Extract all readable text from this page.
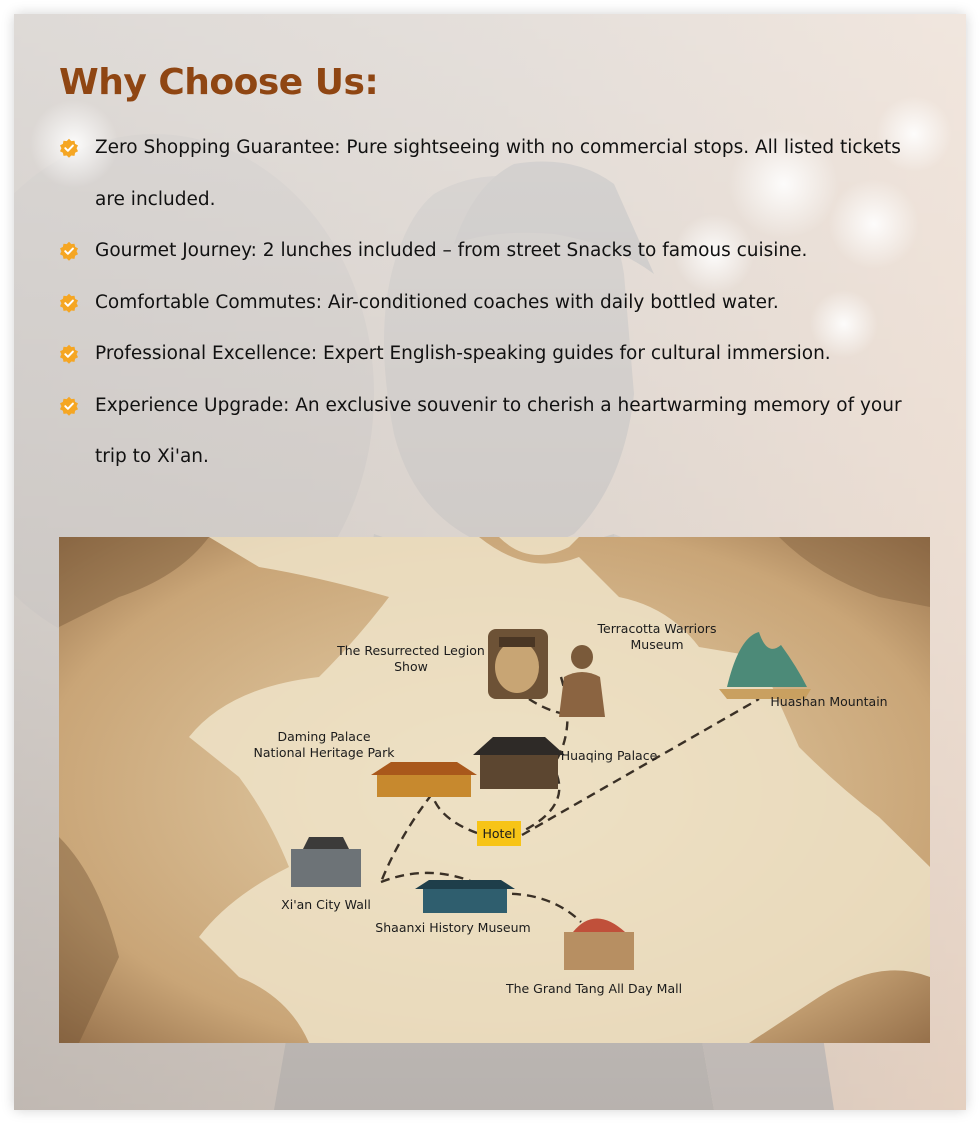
Why Choose Us:
Zero Shopping Guarantee: Pure sightseeing with no commercial stops. All listed tickets are included.
Gourmet Journey: 2 lunches included – from street Snacks to famous cuisine.
Comfortable Commutes: Air-conditioned coaches with daily bottled water.
Professional Excellence: Expert English-speaking guides for cultural immersion.
Experience Upgrade: An exclusive souvenir to cherish a heartwarming memory of your trip to Xi'an.
The Resurrected Legion
Show
Terracotta Warriors
Museum
Huashan Mountain
Daming Palace
National Heritage Park	Huaqing Palace
Hotel
Xi'an City Wall
Shaanxi History Museum
The Grand Tang All Day Mall
